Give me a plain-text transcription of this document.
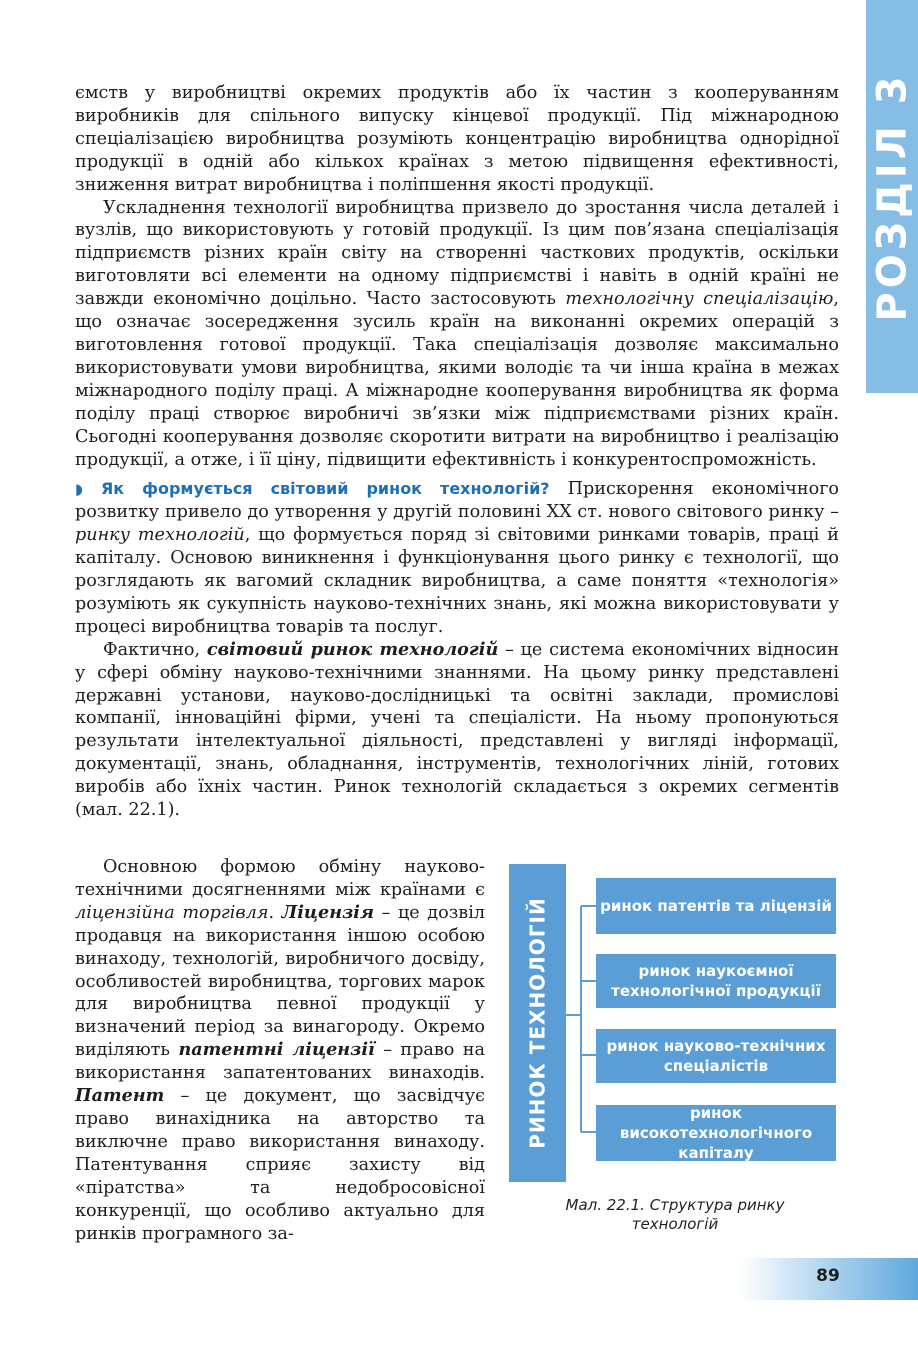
РОЗДІЛ 3

ємств у виробництві окремих продуктів або їх частин з кооперуванням виробників для спільного випуску кінцевої продукції. Під міжнародною спеціалізацією виробництва розуміють концентрацію виробництва однорідної продукції в одній або кількох країнах з метою підвищення ефективності, зниження витрат виробництва і поліпшення якості продукції.

Ускладнення технології виробництва призвело до зростання числа деталей і вузлів, що використовують у готовій продукції. Із цим пов’язана спеціалізація підприємств різних країн світу на створенні часткових продуктів, оскільки виготовляти всі елементи на одному підприємстві і навіть в одній країні не завжди економічно доцільно. Часто застосовують технологічну спеціалізацію, що означає зосередження зусиль країн на виконанні окремих операцій з виготовлення готової продукції. Така спеціалізація дозволяє максимально використовувати умови виробництва, якими володіє та чи інша країна в межах міжнародного поділу праці. А міжнародне кооперування виробництва як форма поділу праці створює виробничі зв’язки між підприємствами різних країн. Сьогодні кооперування дозволяє скоротити витрати на виробництво і реалізацію продукції, а отже, і її ціну, підвищити ефективність і конкурентоспроможність.

◗ Як формується світовий ринок технологій? Прискорення економічного розвитку привело до утворення у другій половині ХХ ст. нового світового ринку – ринку технологій, що формується поряд зі світовими ринками товарів, праці й капіталу. Основою виникнення і функціонування цього ринку є технології, що розглядають як вагомий складник виробництва, а саме поняття «технологія» розуміють як сукупність науково-технічних знань, які можна використовувати у процесі виробництва товарів та послуг.

Фактично, світовий ринок технологій – це система економічних відносин у сфері обміну науково-технічними знаннями. На цьому ринку представлені державні установи, науково-дослідницькі та освітні заклади, промислові компанії, інноваційні фірми, учені та спеціалісти. На ньому пропонуються результати інтелектуальної діяльності, представлені у вигляді інформації, документації, знань, обладнання, інструментів, технологічних ліній, готових виробів або їхніх частин. Ринок технологій складається з окремих сегментів (мал. 22.1).

Основною формою обміну науково-технічними досягненнями між країнами є ліцензійна торгівля. Ліцензія – це дозвіл продавця на використання іншою особою винаходу, технологій, виробничого досвіду, особливостей виробництва, торгових марок для виробництва певної продукції у визначений період за винагороду. Окремо виділяють патентні ліцензії – право на використання запатентованих винаходів. Патент – це документ, що засвідчує право винахідника на авторство та виключне право використання винаходу. Патентування сприяє захисту від «піратства» та недобросовісної конкуренції, що особливо актуально для ринків програмного за-

РИНОК ТЕХНОЛОГІЙ	ринок патентів та ліцензій
ринок наукоємної технологічної продукції
ринок науково-технічних спеціалістів
ринок високотехнологічного капіталу
Мал. 22.1. Структура ринку технологій
89
